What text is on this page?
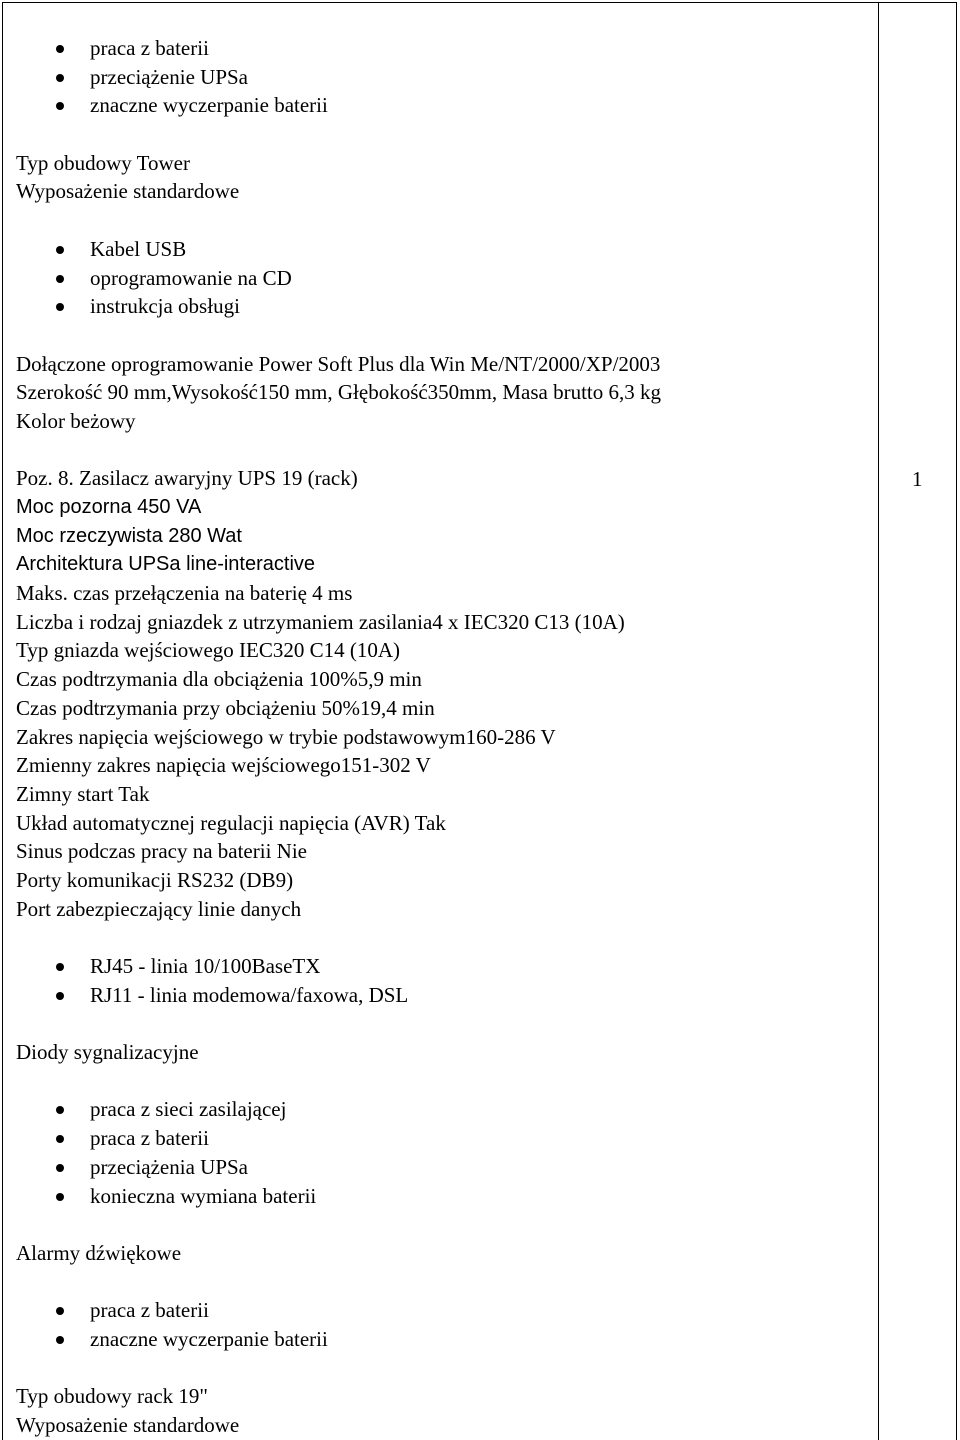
praca z baterii
przeciążenie UPSa
znaczne wyczerpanie baterii
Typ obudowy Tower
Wyposażenie standardowe
Kabel USB
oprogramowanie na CD
instrukcja obsługi
Dołączone oprogramowanie Power Soft Plus dla Win Me/NT/2000/XP/2003
Szerokość 90 mm,Wysokość150 mm, Głębokość350mm, Masa brutto 6,3 kg
Kolor beżowy
Poz. 8. Zasilacz awaryjny UPS 19 (rack)
Moc pozorna 450 VA
Moc rzeczywista 280 Wat
Architektura UPSa line-interactive
Maks. czas przełączenia na baterię 4 ms
Liczba i rodzaj gniazdek z utrzymaniem zasilania4 x IEC320 C13 (10A)
Typ gniazda wejściowego IEC320 C14 (10A)
Czas podtrzymania dla obciążenia 100%5,9 min
Czas podtrzymania przy obciążeniu 50%19,4 min
Zakres napięcia wejściowego w trybie podstawowym160-286 V
Zmienny zakres napięcia wejściowego151-302 V
Zimny start Tak
Układ automatycznej regulacji napięcia (AVR) Tak
Sinus podczas pracy na baterii Nie
Porty komunikacji RS232 (DB9)
Port zabezpieczający linie danych
RJ45 - linia 10/100BaseTX
RJ11 - linia modemowa/faxowa, DSL
Diody sygnalizacyjne
praca z sieci zasilającej
praca z baterii
przeciążenia UPSa
konieczna wymiana baterii
Alarmy dźwiękowe
praca z baterii
znaczne wyczerpanie baterii
Typ obudowy rack 19"
Wyposażenie standardowe
1
